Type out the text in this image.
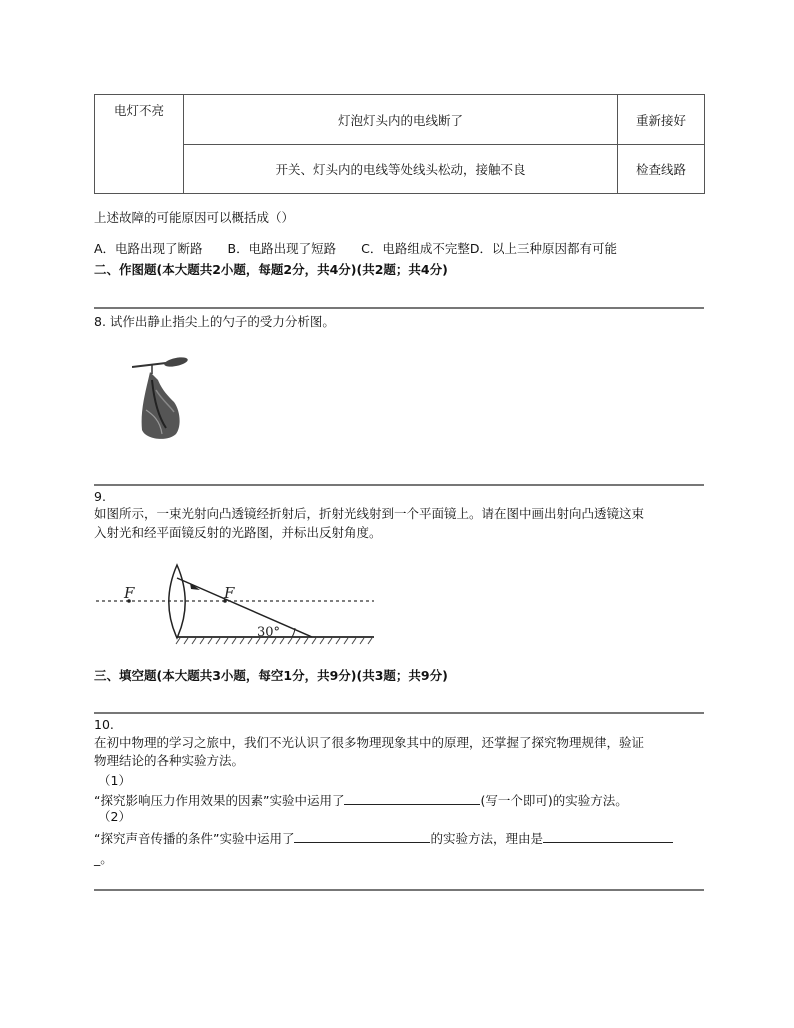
电灯不亮	灯泡灯头内的电线断了	重新接好
	开关、灯头内的电线等处线头松动，接触不良	检查线路
上述故障的可能原因可以概括成（）
A．电路出现了断路　　B．电路出现了短路　　C．电路组成不完整D．以上三种原因都有可能
二、作图题(本大题共2小题，每题2分，共4分)(共2题；共4分)
8. 试作出静止指尖上的勺子的受力分析图。
9.
如图所示，一束光射向凸透镜经折射后，折射光线射到一个平面镜上。请在图中画出射向凸透镜这束
入射光和经平面镜反射的光路图，并标出反射角度。
F	F
30°
三、填空题(本大题共3小题，每空1分，共9分)(共3题；共9分)
10.
在初中物理的学习之旅中，我们不光认识了很多物理现象其中的原理，还掌握了探究物理规律，验证
物理结论的各种实验方法。
（1）
“探究影响压力作用效果的因素”实验中运用了	(写一个即可)的实验方法。
（2）
“探究声音传播的条件”实验中运用了	的实验方法，理由是
_。
